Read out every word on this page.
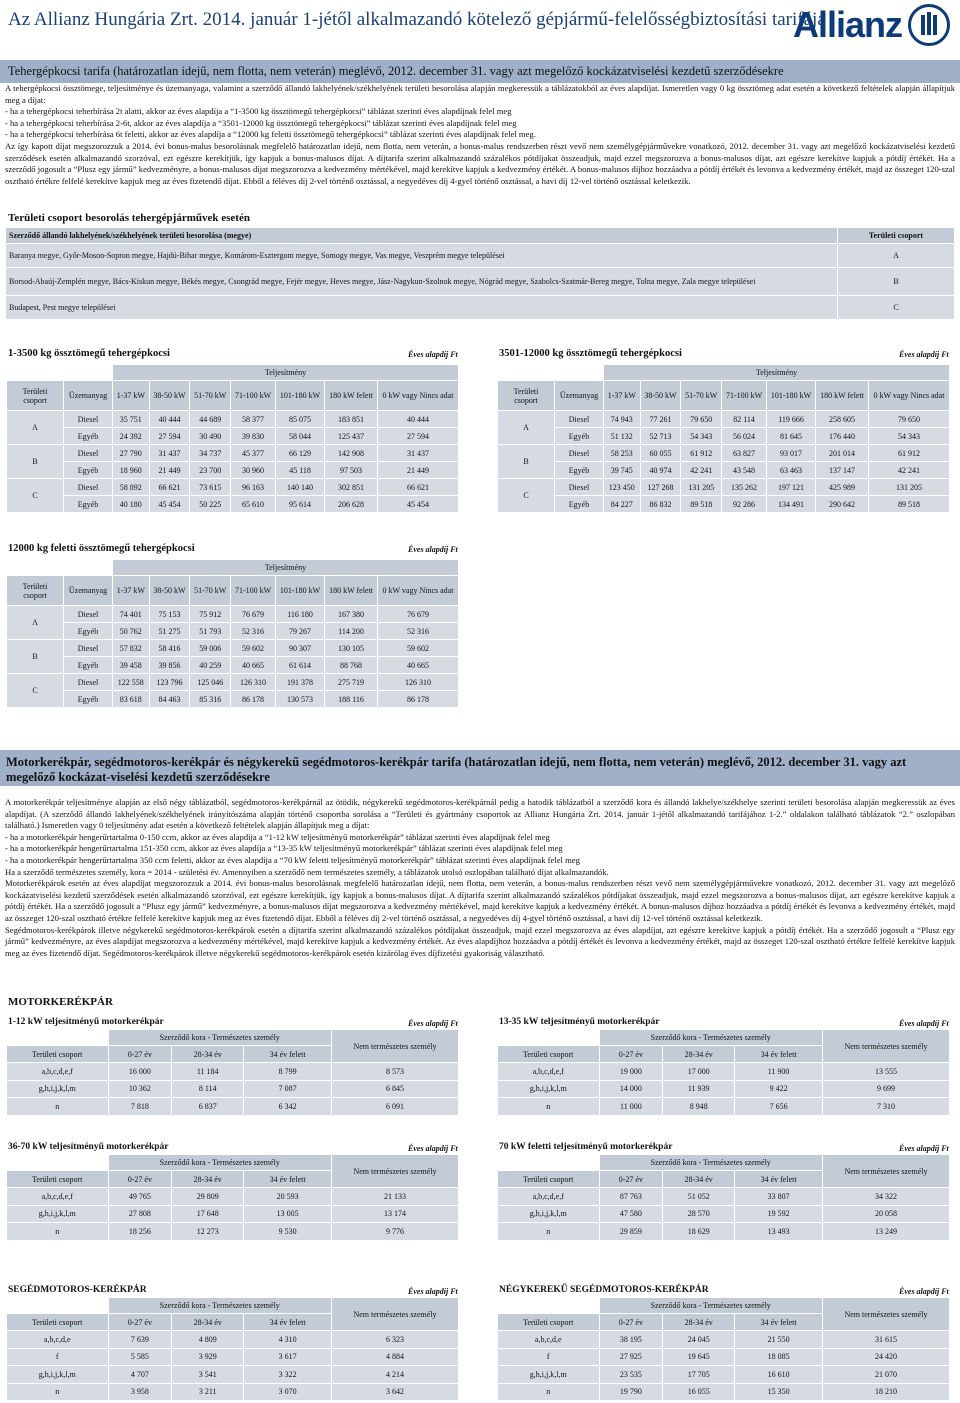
Az Allianz Hungária Zrt. 2014. január 1-jétől alkalmazandó kötelező gépjármű-felelősségbiztosítási tarifája
Allianz
Tehergépkocsi tarifa (határozatlan idejű, nem flotta, nem veterán) meglévő, 2012. december 31. vagy azt megelőző kockázatviselési kezdetű szerződésekre
A tehergépkocsi össztömege, teljesítménye és üzemanyaga, valamint a szerződő állandó lakhelyének/székhelyének területi besorolása alapján megkeressük a táblázatokból az éves alapdíjat. Ismeretlen vagy 0 kg össztömeg adat esetén a következő feltételek alapján állapítjuk meg a díjat:
- ha a tehergépkocsi teherbírása 2t alatti, akkor az éves alapdíja a “1-3500 kg össztömegű tehergépkocsi” táblázat szerinti éves alapdíjnak felel meg
- ha a tehergépkocsi teherbírása 2-6t, akkor az éves alapdíja a “3501-12000 kg össztömegű tehergépkocsi” táblázat szerinti éves alapdíjnak felel meg
- ha a tehergépkocsi teherbírása 6t feletti, akkor az éves alapdíja a “12000 kg feletti össztömegű tehergépkocsi” táblázat szerinti éves alapdíjnak felel meg.
Az így kapott díjat megszorozzuk a 2014. évi bonus-malus besorolásnak megfelelő határozatlan idejű, nem flotta, nem veterán, a bonus-malus rendszerben részt vevő nem személygépjárművekre vonatkozó, 2012. december 31. vagy azt megelőző kockázatviselési kezdetű szerződések esetén alkalmazandó szorzóval, ezt egészre kerekítjük, így kapjuk a bonus-malusos díjat. A díjtarifa szerint alkalmazandó százalékos pótdíjakat összeadjuk, majd ezzel megszorozva a bonus-malusos díjat, azt egészre kerekítve kapjuk a pótdíj értékét. Ha a szerződő jogosult a “Plusz egy jármű” kedvezményre, a bonus-malusos díjat megszorozva a kedvezmény mértékével, majd kerekítve kapjuk a kedvezmény értékét. A bonus-malusos díjhoz hozzáadva a pótdíj értékét és levonva a kedvezmény értékét, majd az összeget 120-szal osztható értékre felfelé kerekítve kapjuk meg az éves fizetendő díjat. Ebből a féléves díj 2-vel történő osztással, a negyedéves díj 4-gyel történő osztással, a havi díj 12-vel történő osztással keletkezik.
Területi csoport besorolás tehergépjárművek esetén
Szerződő állandó lakhelyének/székhelyének területi besorolása (megye)	Területi csoport
Baranya megye, Győr-Moson-Sopron megye, Hajdú-Bihar megye, Komárom-Esztergom megye, Somogy megye, Vas megye, Veszprém megye települései	A
Borsod-Abaúj-Zemplén megye, Bács-Kiskun megye, Békés megye, Csongrád megye, Fejér megye, Heves megye, Jász-Nagykun-Szolnok megye, Nógrád megye, Szabolcs-Szatmár-Bereg megye, Tolna megye, Zala megye települései	B
Budapest, Pest megye települései	C
1-3500 kg össztömegű tehergépkocsi	Éves alapdíj Ft
		Teljesítmény						
Területi csoport	Üzemanyag	1-37 kW	38-50 kW	51-70 kW	71-100 kW	101-180 kW	180 kW felett	0 kW vagy Nincs adat
A	Diesel	35 751	40 444	44 689	58 377	85 075	183 851	40 444
	Egyéb	24 392	27 594	30 490	39 830	58 044	125 437	27 594
B	Diesel	27 790	31 437	34 737	45 377	66 129	142 908	31 437
	Egyéb	18 960	21 449	23 700	30 960	45 118	97 503	21 449
C	Diesel	58 892	66 621	73 615	96 163	140 140	302 851	66 621
	Egyéb	40 180	45 454	50 225	65 610	95 614	206 628	45 454
3501-12000 kg össztömegű tehergépkocsi	Éves alapdíj Ft
		Teljesítmény						
Területi csoport	Üzemanyag	1-37 kW	38-50 kW	51-70 kW	71-100 kW	101-180 kW	180 kW felett	0 kW vagy Nincs adat
A	Diesel	74 943	77 261	79 650	82 114	119 666	258 605	79 650
	Egyéb	51 132	52 713	54 343	56 024	81 645	176 440	54 343
B	Diesel	58 253	60 055	61 912	63 827	93 017	201 014	61 912
	Egyéb	39 745	40 974	42 241	43 548	63 463	137 147	42 241
C	Diesel	123 450	127 268	131 205	135 262	197 121	425 989	131 205
	Egyéb	84 227	86 832	89 518	92 286	134 491	290 642	89 518
12000 kg feletti össztömegű tehergépkocsi	Éves alapdíj Ft
		Teljesítmény						
Területi csoport	Üzemanyag	1-37 kW	38-50 kW	51-70 kW	71-100 kW	101-180 kW	180 kW felett	0 kW vagy Nincs adat
A	Diesel	74 401	75 153	75 912	76 679	116 180	167 380	76 679
	Egyéb	50 762	51 275	51 793	52 316	79 267	114 200	52 316
B	Diesel	57 832	58 416	59 006	59 602	90 307	130 105	59 602
	Egyéb	39 458	39 856	40 259	40 665	61 614	88 768	40 665
C	Diesel	122 558	123 796	125 046	126 310	191 378	275 719	126 310
	Egyéb	83 618	84 463	85 316	86 178	130 573	188 116	86 178
Motorkerékpár, segédmotoros-kerékpár és négykerekű segédmotoros-kerékpár tarifa (határozatlan idejű, nem flotta, nem veterán) meglévő, 2012. december 31. vagy azt megelőző kockázat-viselési kezdetű szerződésekre
A motorkerékpár teljesítménye alapján az első négy táblázatból, segédmotoros-kerékpárnál az ötödik, négykerekű segédmotoros-kerékpárnál pedig a hatodik táblázatból a szerződő kora és állandó lakhelye/székhelye szerinti területi besorolása alapján megkeressük az éves alapdíjat. (A szerződő állandó lakhelyének/székhelyének irányítószáma alapján történő csoportba sorolása a “Területi és gyártmány csoportok az Allianz Hungária Zrt. 2014. január 1-jétől alkalmazandó tarifájához 1-2.” oldalakon található táblázatok “2.” oszlopában található.) Ismeretlen vagy 0 teljesítmény adat esetén a következő feltételek alapján állapítjuk meg a díjat:
- ha a motorkerékpár hengerűrtartalma 0-150 ccm, akkor az éves alapdíja a “1-12 kW teljesítményű motorkerékpár” táblázat szerinti éves alapdíjnak felel meg
- ha a motorkerékpár hengerűrtartalma 151-350 ccm, akkor az éves alapdíja a “13-35 kW teljesítményű motorkerékpár” táblázat szerinti éves alapdíjnak felel meg
- ha a motorkerékpár hengerűrtartalma 350 ccm feletti, akkor az éves alapdíja a “70 kW feletti teljesítményű motorkerékpár” táblázat szerinti éves alapdíjnak felel meg
Ha a szerződő természetes személy, kora = 2014 - születési év. Amennyiben a szerződő nem természetes személy, a táblázatok utolsó oszlopában található díjat alkalmazandók.
Motorkerékpárok esetén az éves alapdíjat megszorozzuk a 2014. évi bonus-malus besorolásnak megfelelő határozatlan idejű, nem flotta, nem veterán, a bonus-malus rendszerben részt vevő nem személygépjárművekre vonatkozó, 2012. december 31. vagy azt megelőző kockázatviselési kezdetű szerződések esetén alkalmazandó szorzóval, ezt egészre kerekítjük, így kapjuk a bonus-malusos díjat. A díjtarifa szerint alkalmazandó százalékos pótdíjakat összeadjuk, majd ezzel megszorozva a bonus-malusos díjat, azt egészre kerekítve kapjuk a pótdíj értékét. Ha a szerződő jogosult a “Plusz egy jármű” kedvezményre, a bonus-malusos díjat megszorozva a kedvezmény mértékével, majd kerekítve kapjuk a kedvezmény értékét. A bonus-malusos díjhoz hozzáadva a pótdíj értékét és levonva a kedvezmény értékét, majd az összeget 120-szal osztható értékre felfelé kerekítve kapjuk meg az éves fizetendő díjat. Ebből a féléves díj 2-vel történő osztással, a negyedéves díj 4-gyel történő osztással, a havi díj 12-vel történő osztással keletkezik.
Segédmotoros-kerékpárok illetve négykerekű segédmotoros-kerékpárok esetén a díjtarifa szerint alkalmazandó százalékos pótdíjakat összeadjuk, majd ezzel megszorozva az éves alapdíjat, azt egészre kerekítve kapjuk a pótdíj értékét. Ha a szerződő jogosult a “Plusz egy jármű” kedvezményre, az éves alapdíjat megszorozva a kedvezmény mértékével, majd kerekítve kapjuk a kedvezmény értékét. Az éves alapdíjhoz hozzáadva a pótdíj értékét és levonva a kedvezmény értékét, majd az összeget 120-szal osztható értékre felfelé kerekítve kapjuk meg az éves fizetendő díjat. Segédmotoros-kerékpárok illetve négykerekű segédmotoros-kerékpárok esetén kizárólag éves díjfizetési gyakoriság választható.
MOTORKERÉKPÁR
1-12 kW teljesítményű motorkerékpár	Éves alapdíj Ft
	Szerződő kora - Természetes személy			Nem természetes személy
Területi csoport	0-27 év	28-34 év	34 év felett	
a,b,c,d,e,f	16 000	11 184	8 799	8 573
g,h,i,j,k,l,m	10 362	8 114	7 087	6 845
n	7 818	6 837	6 342	6 091
13-35 kW teljesítményű motorkerékpár	Éves alapdíj Ft
	Szerződő kora - Természetes személy			Nem természetes személy
Területi csoport	0-27 év	28-34 év	34 év felett	
a,b,c,d,e,f	19 000	17 000	11 900	13 555
g,h,i,j,k,l,m	14 000	11 939	9 422	9 699
n	11 000	8 948	7 656	7 310
36-70 kW teljesítményű motorkerékpár	Éves alapdíj Ft
	Szerződő kora - Természetes személy			Nem természetes személy
Területi csoport	0-27 év	28-34 év	34 év felett	
a,b,c,d,e,f	49 765	29 809	20 593	21 133
g,h,i,j,k,l,m	27 808	17 648	13 005	13 174
n	18 256	12 273	9 530	9 776
70 kW feletti teljesítményű motorkerékpár	Éves alapdíj Ft
	Szerződő kora - Természetes személy			Nem természetes személy
Területi csoport	0-27 év	28-34 év	34 év felett	
a,b,c,d,e,f	87 763	51 052	33 807	34 322
g,h,i,j,k,l,m	47 580	28 570	19 592	20 058
n	29 859	18 629	13 493	13 249
SEGÉDMOTOROS-KERÉKPÁR	Éves alapdíj Ft
	Szerződő kora - Természetes személy			Nem természetes személy
Területi csoport	0-27 év	28-34 év	34 év felett	
a,b,c,d,e	7 639	4 809	4 310	6 323
f	5 585	3 929	3 617	4 884
g,h,i,j,k,l,m	4 707	3 541	3 322	4 214
n	3 958	3 211	3 070	3 642
NÉGYKEREKŰ SEGÉDMOTOROS-KERÉKPÁR	Éves alapdíj Ft
	Szerződő kora - Természetes személy			Nem természetes személy
Területi csoport	0-27 év	28-34 év	34 év felett	
a,b,c,d,e	38 195	24 045	21 550	31 615
f	27 925	19 645	18 085	24 420
g,h,i,j,k,l,m	23 535	17 705	16 610	21 070
n	19 790	16 055	15 350	18 210
